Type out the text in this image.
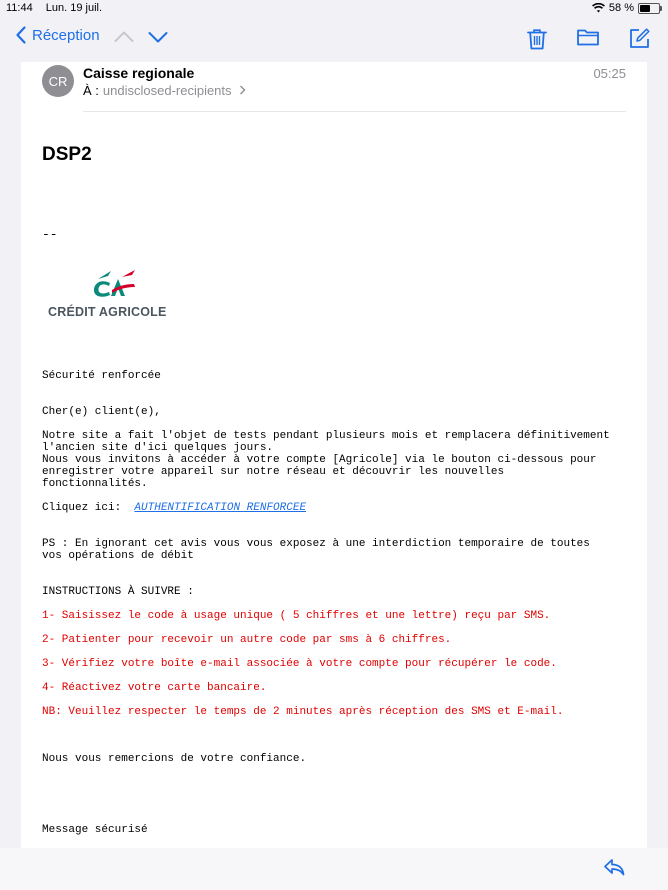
11:44 Lun. 19 juil.	58 %
Réception
CR	Caisse regionale
À : undisclosed-recipients
05:25
DSP2
--
CRÉDIT AGRICOLE
Sécurité renforcée
Cher(e) client(e),
Notre site a fait l'objet de tests pendant plusieurs mois et remplacera définitivement
l'ancien site d'ici quelques jours.
Nous vous invitons à accéder à votre compte [Agricole] via le bouton ci-dessous pour
enregistrer votre appareil sur notre réseau et découvrir les nouvelles
fonctionnalités.
Cliquez ici: AUTHENTIFICATION RENFORCEE
PS : En ignorant cet avis vous vous exposez à une interdiction temporaire de toutes
vos opérations de débit
INSTRUCTIONS À SUIVRE :
1- Saisissez le code à usage unique ( 5 chiffres et une lettre) reçu par SMS.
2- Patienter pour recevoir un autre code par sms à 6 chiffres.
3- Vérifiez votre boîte e-mail associée à votre compte pour récupérer le code.
4- Réactivez votre carte bancaire.
NB: Veuillez respecter le temps de 2 minutes après réception des SMS et E-mail.
Nous vous remercions de votre confiance.
Message sécurisé
